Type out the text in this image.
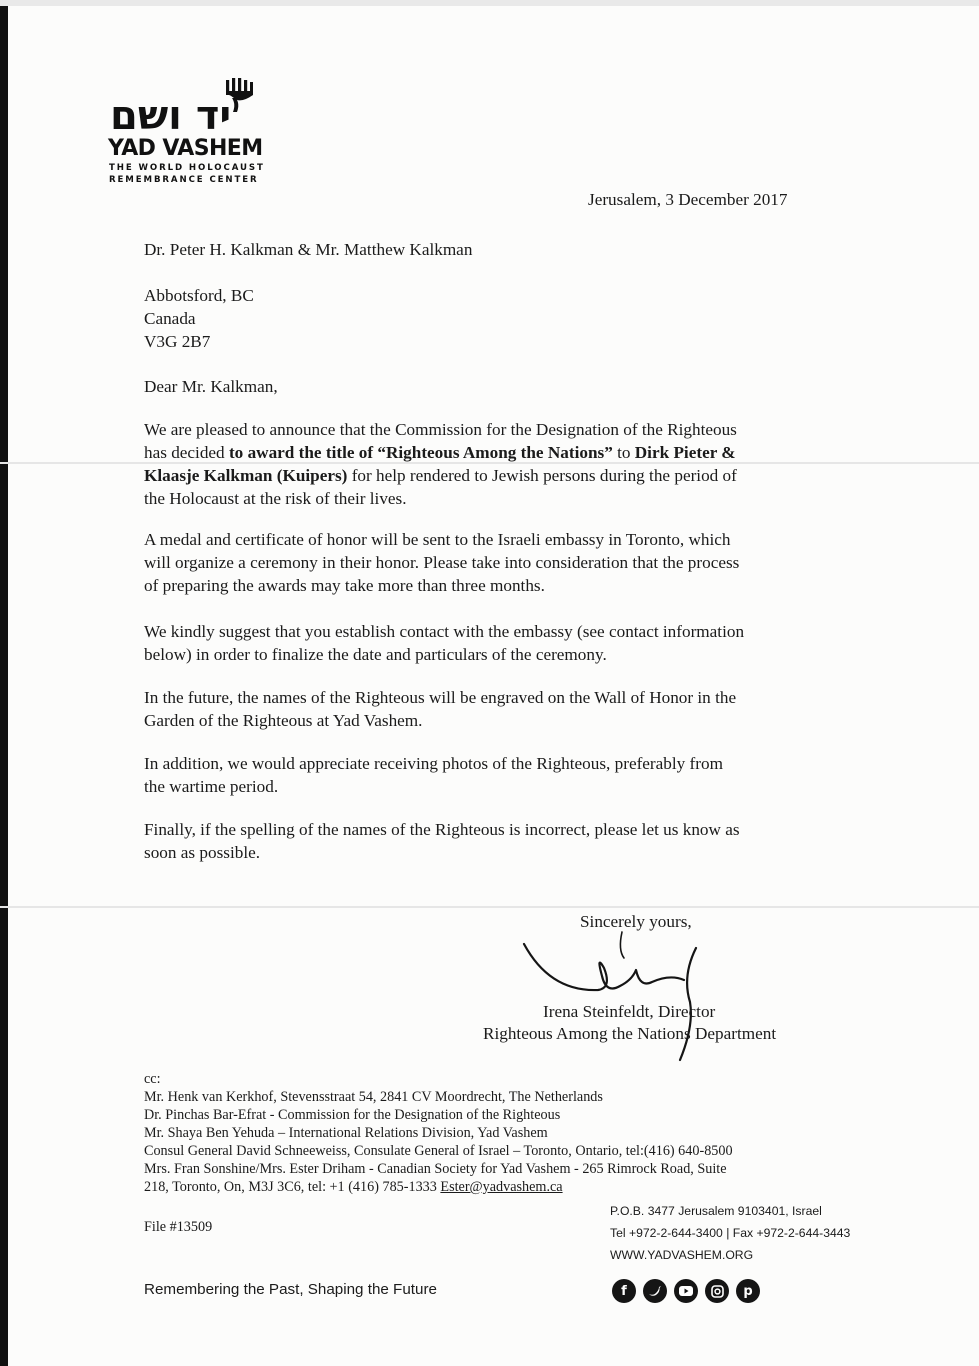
יד ושם
YAD VASHEM
THE WORLD HOLOCAUST
REMEMBRANCE CENTER
Jerusalem, 3 December 2017
Dr. Peter H. Kalkman & Mr. Matthew Kalkman
Abbotsford, BC
Canada
V3G 2B7
Dear Mr. Kalkman,
We are pleased to announce that the Commission for the Designation of the Righteous
has decided to award the title of “Righteous Among the Nations” to Dirk Pieter &
Klaasje Kalkman (Kuipers) for help rendered to Jewish persons during the period of
the Holocaust at the risk of their lives.
A medal and certificate of honor will be sent to the Israeli embassy in Toronto, which
will organize a ceremony in their honor. Please take into consideration that the process
of preparing the awards may take more than three months.
We kindly suggest that you establish contact with the embassy (see contact information
below) in order to finalize the date and particulars of the ceremony.
In the future, the names of the Righteous will be engraved on the Wall of Honor in the
Garden of the Righteous at Yad Vashem.
In addition, we would appreciate receiving photos of the Righteous, preferably from
the wartime period.
Finally, if the spelling of the names of the Righteous is incorrect, please let us know as
soon as possible.
Sincerely yours,
Irena Steinfeldt, Director
Righteous Among the Nations Department
cc:
Mr. Henk van Kerkhof, Stevensstraat 54, 2841 CV Moordrecht, The Netherlands
Dr. Pinchas Bar-Efrat - Commission for the Designation of the Righteous
Mr. Shaya Ben Yehuda – International Relations Division, Yad Vashem
Consul General David Schneeweiss, Consulate General of Israel – Toronto, Ontario, tel:(416) 640-8500
Mrs. Fran Sonshine/Mrs. Ester Driham - Canadian Society for Yad Vashem - 265 Rimrock Road, Suite
218, Toronto, On, M3J 3C6, tel: +1 (416) 785-1333 Ester@yadvashem.ca
File #13509
P.O.B. 3477 Jerusalem 9103401, Israel
Tel +972-2-644-3400 | Fax +972-2-644-3443
WWW.YADVASHEM.ORG
Remembering the Past, Shaping the Future	f	p
